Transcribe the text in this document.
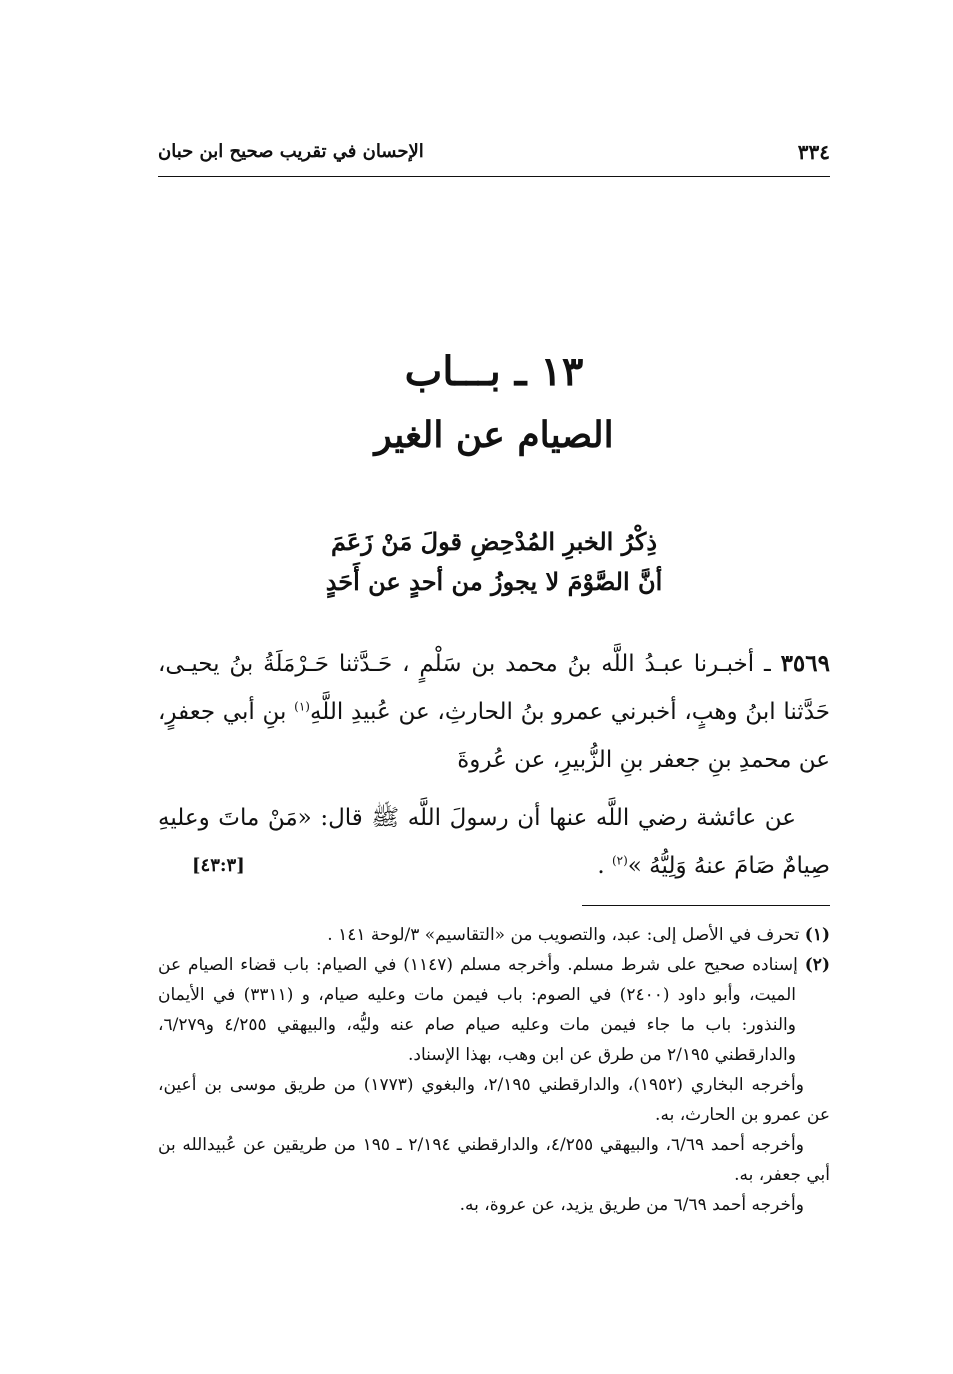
٣٣٤
الإحسان في تقريب صحيح ابن حبان
١٣ ـ بـــاب
الصيام عن الغير
ذِكْرُ الخبرِ المُدْحِضِ قولَ مَنْ زَعَمَ
أنَّ الصَّوْمَ لا يجوزُ من أحدٍ عن أَحَدٍ

٣٥٦٩ ـ أخبـرنا عبـدُ اللَّه بنُ محمد بن سَلْمٍ ، حَـدَّثنا حَـرْمَلَةُ بنُ يحيـى، حَدَّثنا ابنُ وهبٍ، أخبرني عمرو بنُ الحارثِ، عن عُبيدِ اللَّهِ$^{(١)}$ بنِ أبي جعفرٍ، عن محمدِ بنِ جعفر بنِ الزُّبيرِ، عن عُروةَ

عن عائشة رضي اللَّه عنها أن رسولَ اللَّه ﷺ قال: «مَنْ ماتَ وعليهِ صِيامٌ صَامَ عنهُ وَلِيُّهُ »$^{(٢)}$ .
[٤٣:٣]

(١) تحرف في الأصل إلى: عبد، والتصويب من «التقاسيم» ٣/لوحة ١٤١ .

(٢) إسناده صحيح على شرط مسلم. وأخرجه مسلم (١١٤٧) في الصيام: باب قضاء الصيام عن الميت، وأبو داود (٢٤٠٠) في الصوم: باب فيمن مات وعليه صيام، و (٣٣١١) في الأيمان والنذور: باب ما جاء فيمن مات وعليه صيام صام عنه وليُّه، والبيهقي ٤/٢٥٥ و٦/٢٧٩، والدارقطني ٢/١٩٥ من طرق عن ابن وهب، بهذا الإسناد.

وأخرجه البخاري (١٩٥٢)، والدارقطني ٢/١٩٥، والبغوي (١٧٧٣) من طريق موسى بن أعين، عن عمرو بن الحارث، به.

وأخرجه أحمد ٦/٦٩، والبيهقي ٤/٢٥٥، والدارقطني ٢/١٩٤ ـ ١٩٥ من طريقين عن عُبيدالله بن أبي جعفر، به.

وأخرجه أحمد ٦/٦٩ من طريق يزيد، عن عروة، به.
